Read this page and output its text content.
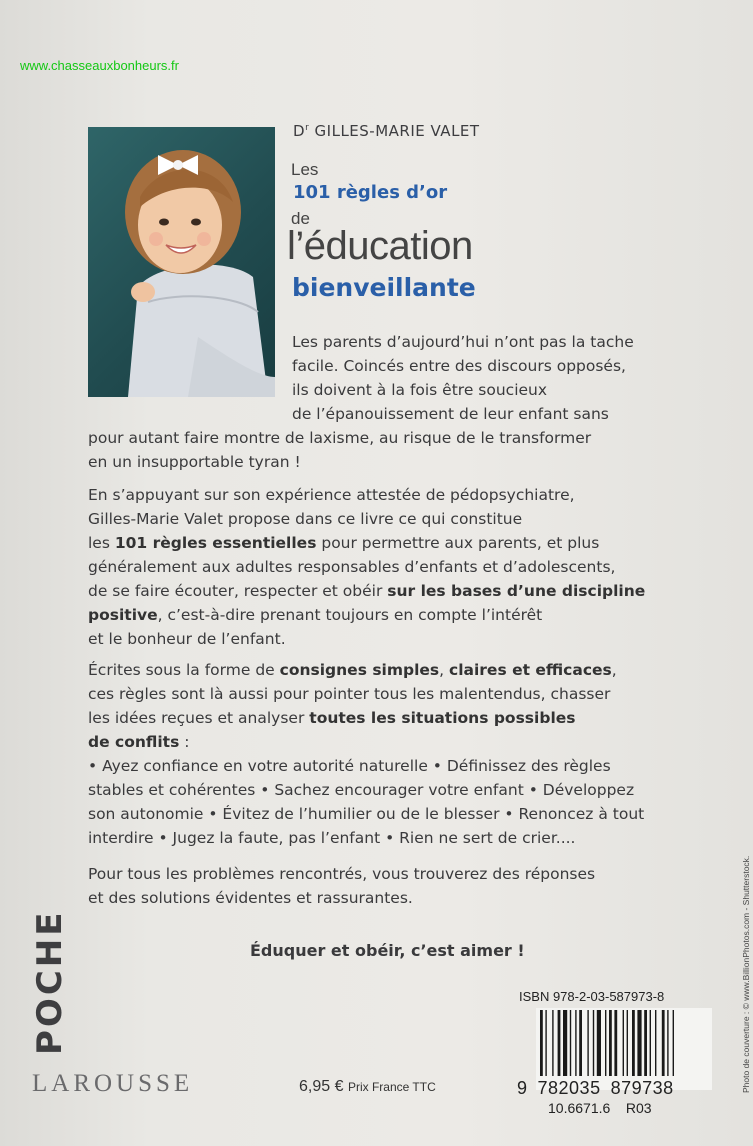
www.chasseauxbonheurs.fr
$D^r$ GILLES-MARIE VALET
Les
101 règles d’or
de
l’éducation
bienveillante
Les parents d’aujourd’hui n’ont pas la tache
facile. Coincés entre des discours opposés,
ils doivent à la fois être soucieux
de l’épanouissement de leur enfant sans
pour autant faire montre de laxisme, au risque de le transformer
en un insupportable tyran !
En s’appuyant sur son expérience attestée de pédopsychiatre,
Gilles-Marie Valet propose dans ce livre ce qui constitue
les 101 règles essentielles pour permettre aux parents, et plus
généralement aux adultes responsables d’enfants et d’adolescents,
de se faire écouter, respecter et obéir sur les bases d’une discipline
positive, c’est-à-dire prenant toujours en compte l’intérêt
et le bonheur de l’enfant.
Écrites sous la forme de consignes simples, claires et efficaces,
ces règles sont là aussi pour pointer tous les malentendus, chasser
les idées reçues et analyser toutes les situations possibles
de conflits :
• Ayez confiance en votre autorité naturelle • Définissez des règles
stables et cohérentes • Sachez encourager votre enfant • Développez
son autonomie • Évitez de l’humilier ou de le blesser • Renoncez à tout
interdire • Jugez la faute, pas l’enfant • Rien ne sert de crier....
Pour tous les problèmes rencontrés, vous trouverez des réponses
et des solutions évidentes et rassurantes.
Éduquer et obéir, c’est aimer !
POCHE
LAROUSSE	6,95 € Prix France TTC
ISBN 978-2-03-587973-8
9 782035 879738
10.6671.6 R03
Photo de couverture : © www.BillionPhotos.com - Shutterstock.
